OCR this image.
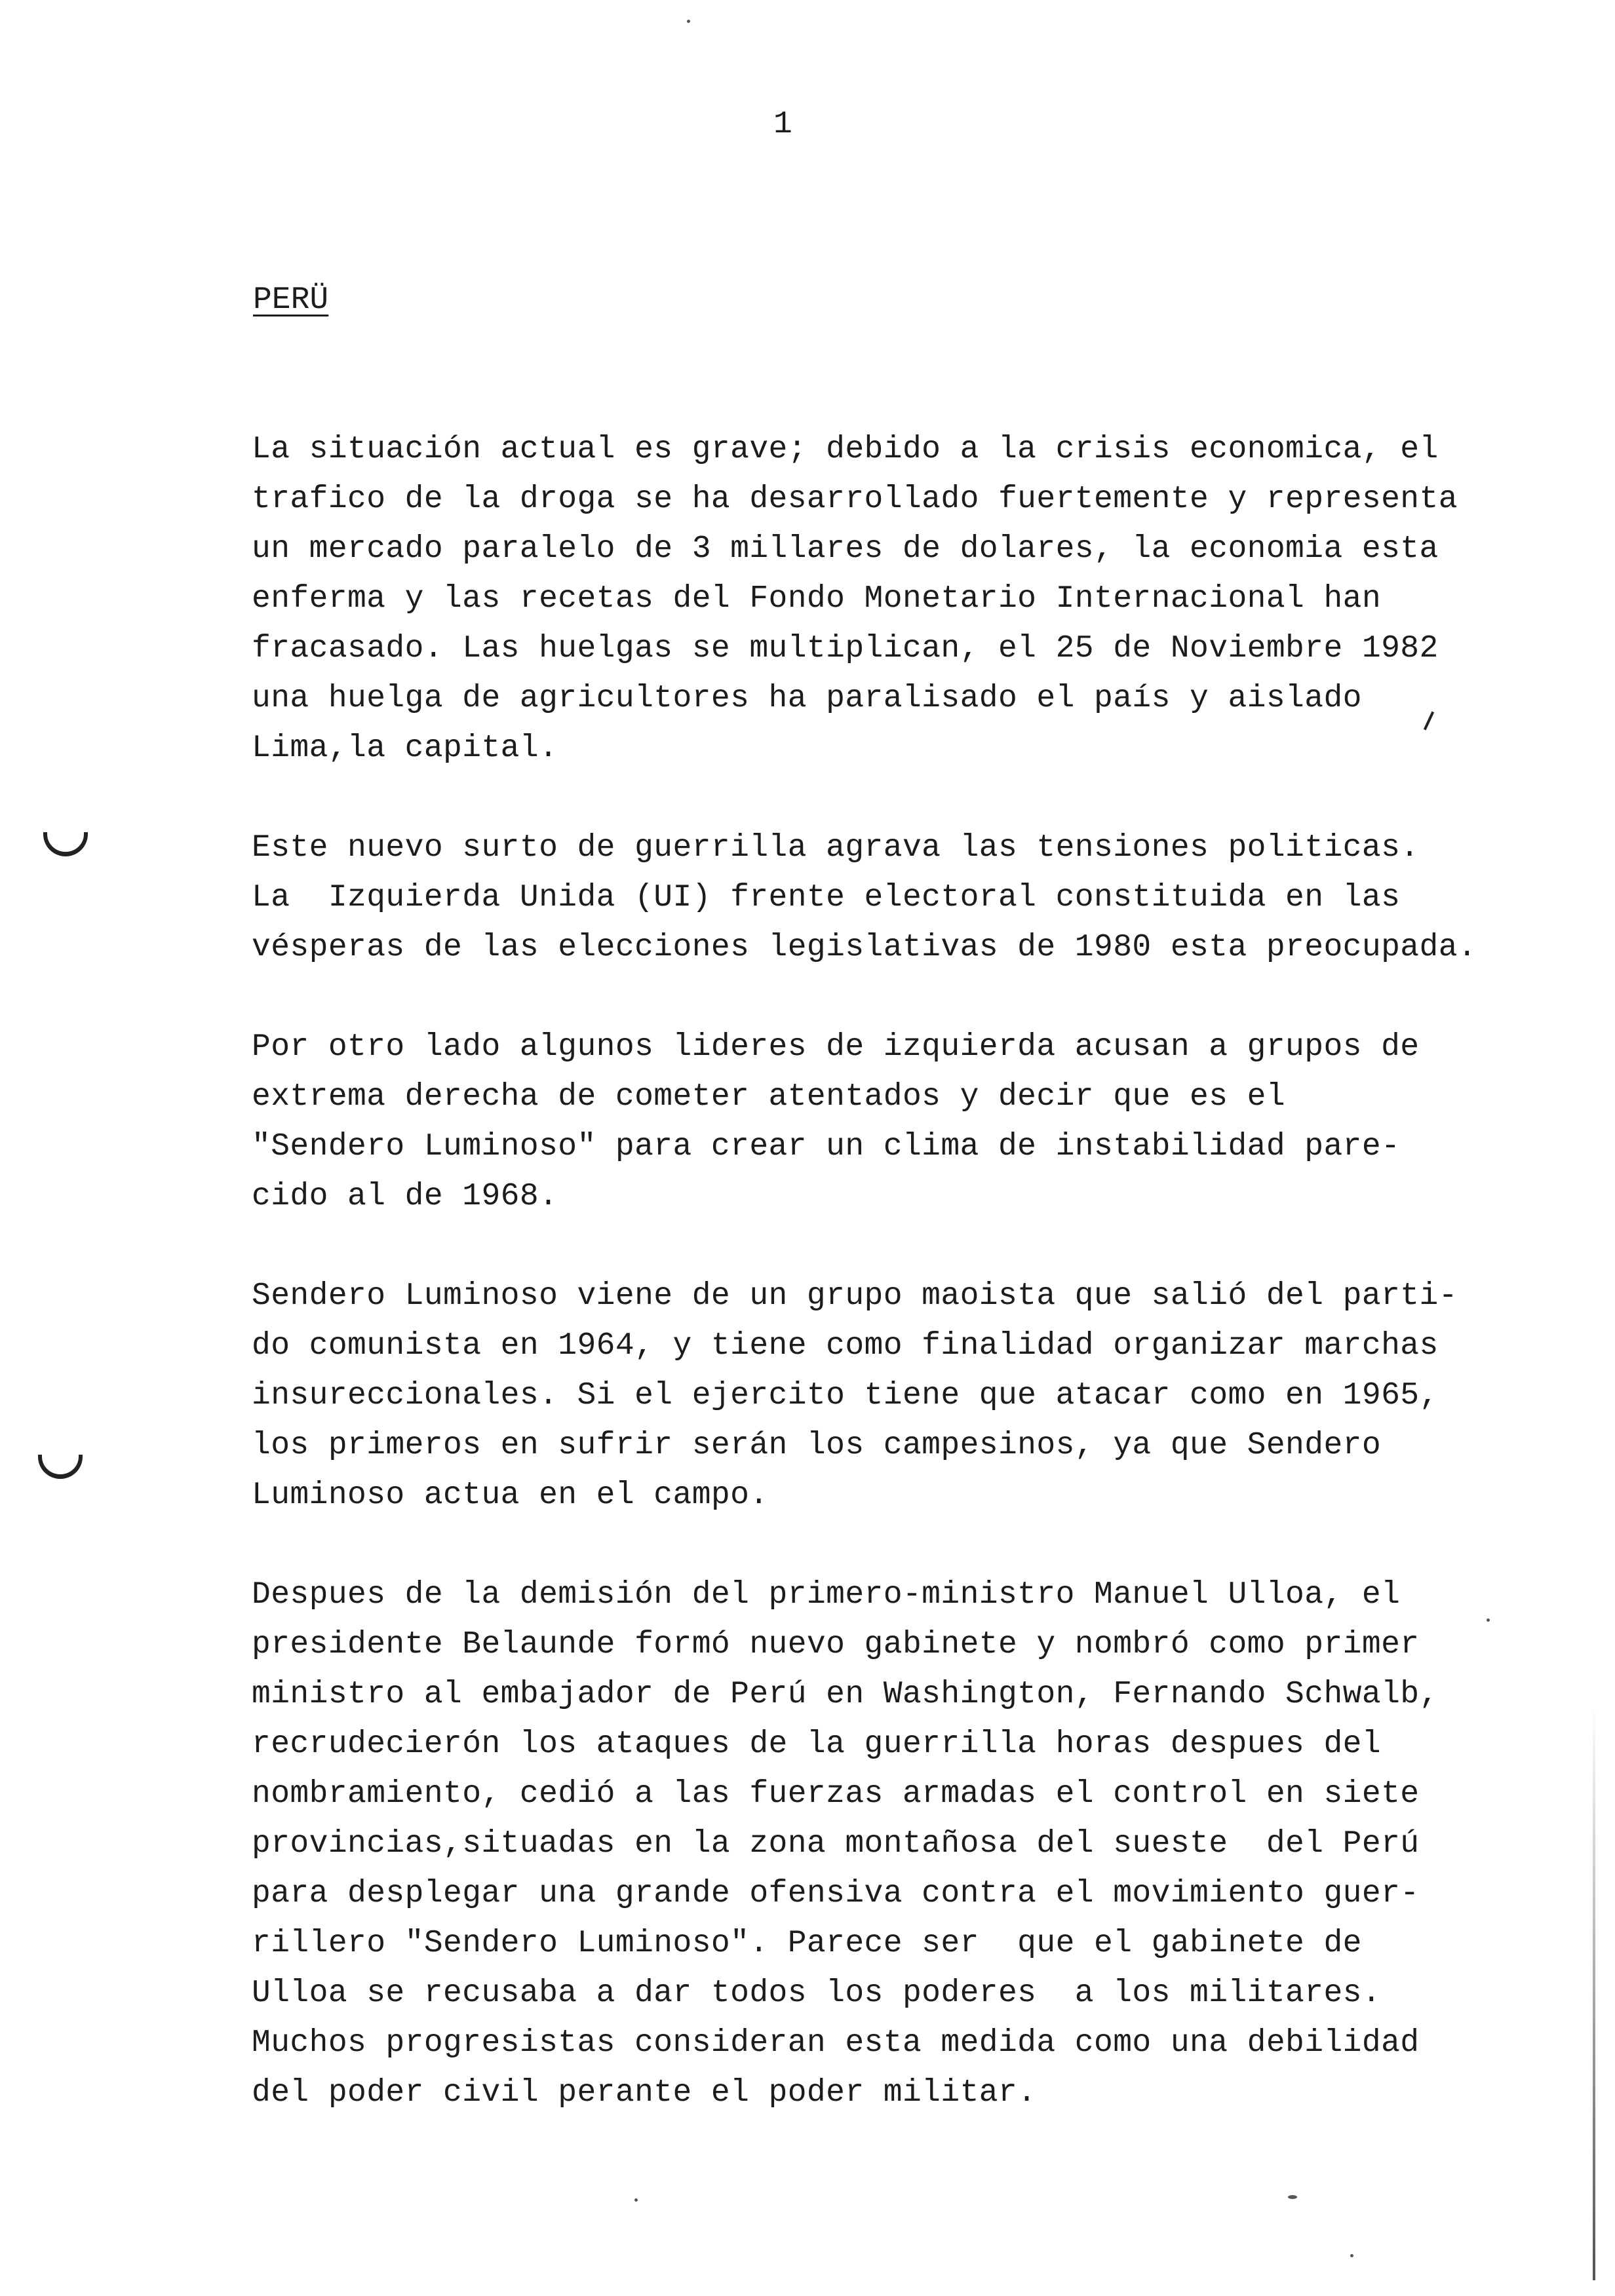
1
PERÜ
La situación actual es grave; debido a la crisis economica, el
trafico de la droga se ha desarrollado fuertemente y representa
un mercado paralelo de 3 millares de dolares, la economia esta
enferma y las recetas del Fondo Monetario Internacional han
fracasado. Las huelgas se multiplican, el 25 de Noviembre 1982
una huelga de agricultores ha paralisado el país y aislado
Lima,la capital.
Este nuevo surto de guerrilla agrava las tensiones politicas.
La  Izquierda Unida (UI) frente electoral constituida en las
vésperas de las elecciones legislativas de 1980 esta preocupada.
Por otro lado algunos lideres de izquierda acusan a grupos de
extrema derecha de cometer atentados y decir que es el
"Sendero Luminoso" para crear un clima de instabilidad pare-
cido al de 1968.
Sendero Luminoso viene de un grupo maoista que salió del parti-
do comunista en 1964, y tiene como finalidad organizar marchas
insureccionales. Si el ejercito tiene que atacar como en 1965,
los primeros en sufrir serán los campesinos, ya que Sendero
Luminoso actua en el campo.
Despues de la demisión del primero-ministro Manuel Ulloa, el
presidente Belaunde formó nuevo gabinete y nombró como primer
ministro al embajador de Perú en Washington, Fernando Schwalb,
recrudecierón los ataques de la guerrilla horas despues del
nombramiento, cedió a las fuerzas armadas el control en siete
provincias,situadas en la zona montañosa del sueste  del Perú
para desplegar una grande ofensiva contra el movimiento guer-
rillero "Sendero Luminoso". Parece ser  que el gabinete de
Ulloa se recusaba a dar todos los poderes  a los militares.
Muchos progresistas consideran esta medida como una debilidad
del poder civil perante el poder militar.
